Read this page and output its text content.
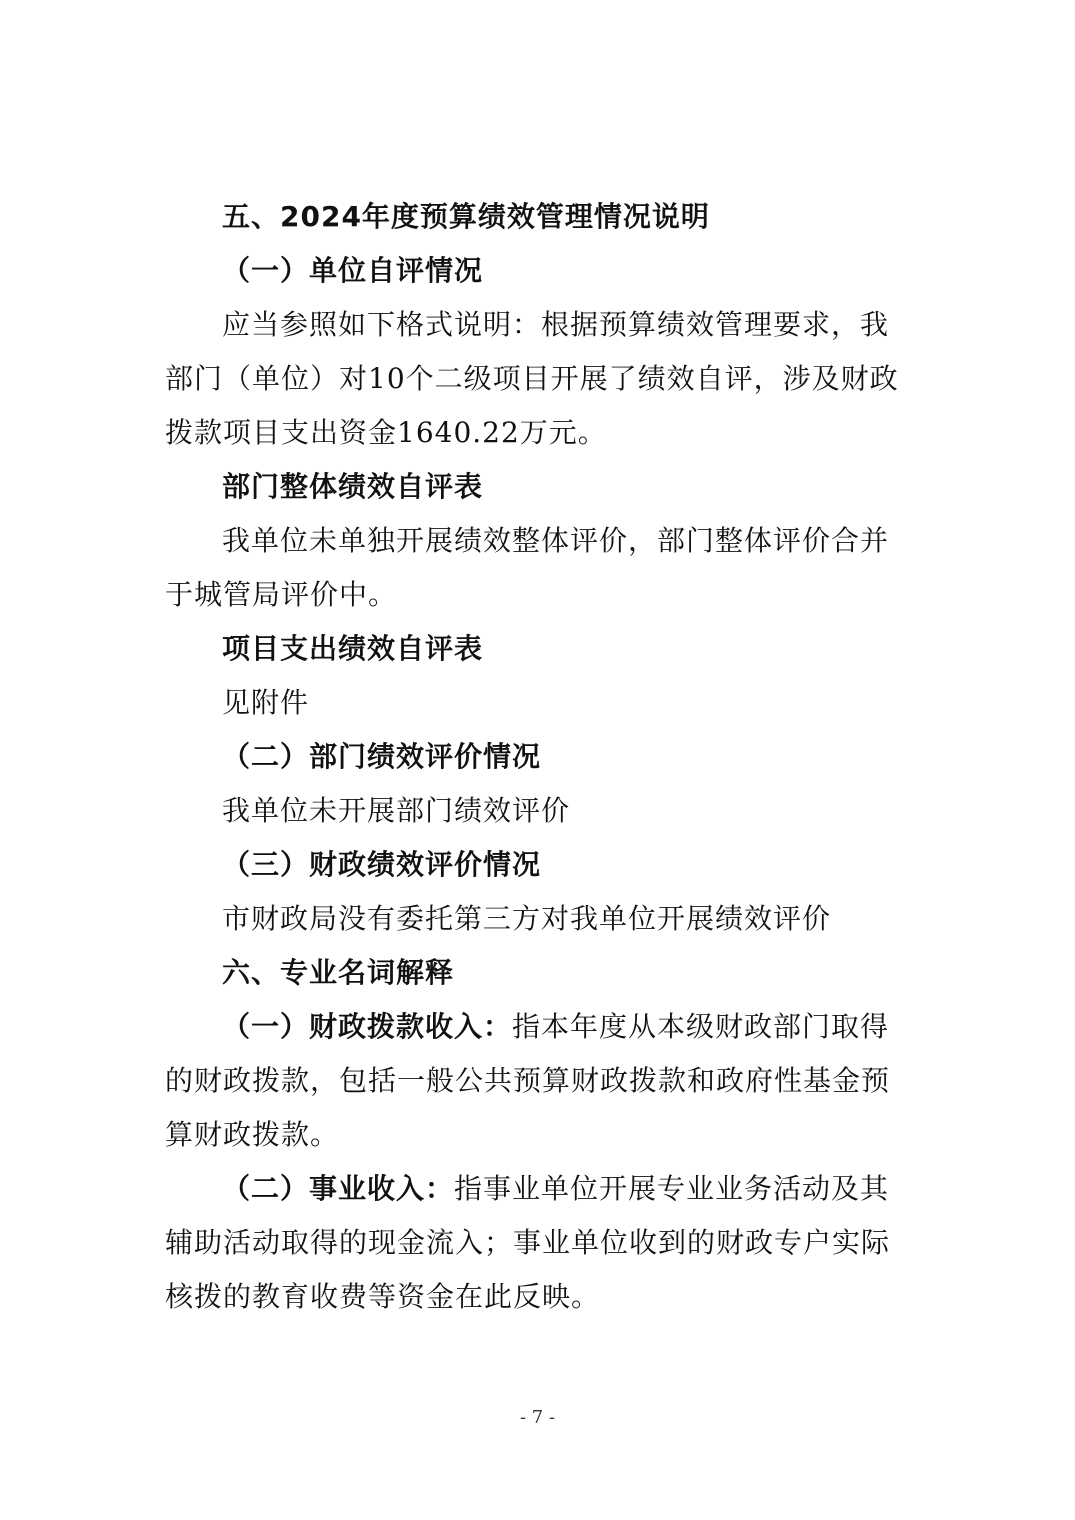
五、2024年度预算绩效管理情况说明

（一）单位自评情况

应当参照如下格式说明：根据预算绩效管理要求，我部门（单位）对10个二级项目开展了绩效自评，涉及财政拨款项目支出资金1640.22万元。

部门整体绩效自评表

我单位未单独开展绩效整体评价，部门整体评价合并于城管局评价中。

项目支出绩效自评表

见附件

（二）部门绩效评价情况

我单位未开展部门绩效评价

（三）财政绩效评价情况

市财政局没有委托第三方对我单位开展绩效评价

六、专业名词解释

（一）财政拨款收入：指本年度从本级财政部门取得的财政拨款，包括一般公共预算财政拨款和政府性基金预算财政拨款。

（二）事业收入：指事业单位开展专业业务活动及其辅助活动取得的现金流入；事业单位收到的财政专户实际核拨的教育收费等资金在此反映。

- 7 -
